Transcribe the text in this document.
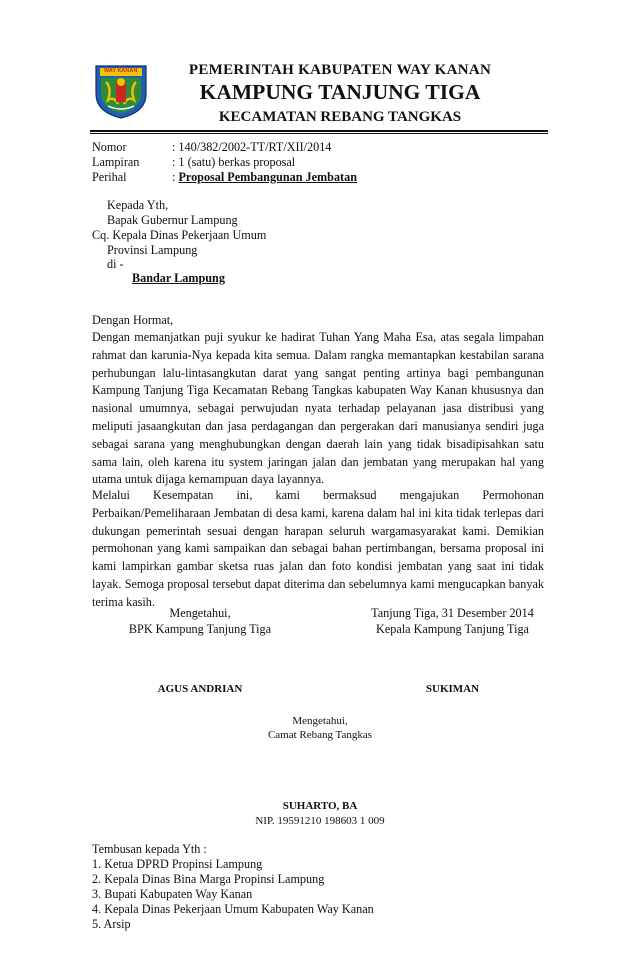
WAY KANAN	PEMERINTAH KABUPATEN WAY KANAN
KAMPUNG TANJUNG TIGA
KECAMATAN REBANG TANGKAS
Nomor	: 140/382/2002-TT/RT/XII/2014
Lampiran	: 1 (satu) berkas proposal
Perihal	: Proposal Pembangunan Jembatan
Kepada Yth,
Bapak Gubernur Lampung
Cq. Kepala Dinas Pekerjaan Umum
Provinsi Lampung
di -
Bandar Lampung
Dengan Hormat,

Dengan memanjatkan puji syukur ke hadirat Tuhan Yang Maha Esa, atas segala limpahan rahmat dan karunia-Nya kepada kita semua. Dalam rangka memantapkan kestabilan sarana perhubungan lalu-lintasangkutan darat yang sangat penting artinya bagi pembangunan Kampung Tanjung Tiga Kecamatan Rebang Tangkas kabupaten Way Kanan khususnya dan nasional umumnya, sebagai perwujudan nyata terhadap pelayanan jasa distribusi yang meliputi jasaangkutan dan jasa perdagangan dan pergerakan dari manusianya sendiri juga sebagai sarana yang menghubungkan dengan daerah lain yang tidak bisadipisahkan satu sama lain, oleh karena itu system jaringan jalan dan jembatan yang merupakan hal yang utama untuk dijaga kemampuan daya layannya.

Melalui Kesempatan ini, kami bermaksud mengajukan Permohonan Perbaikan/Pemeliharaan Jembatan di desa kami, karena dalam hal ini kita tidak terlepas dari dukungan pemerintah sesuai dengan harapan seluruh wargamasyarakat kami. Demikian permohonan yang kami sampaikan dan sebagai bahan pertimbangan, bersama proposal ini kami lampirkan gambar sketsa ruas jalan dan foto kondisi jembatan yang saat ini tidak layak. Semoga proposal tersebut dapat diterima dan sebelumnya kami mengucapkan banyak terima kasih.

Mengetahui,
BPK Kampung Tanjung Tiga
Tanjung Tiga, 31 Desember 2014
Kepala Kampung Tanjung Tiga
AGUS ANDRIAN	SUKIMAN
Mengetahui,
Camat Rebang Tangkas
SUHARTO, BA
NIP. 19591210 198603 1 009
Tembusan kepada Yth :
1. Ketua DPRD Propinsi Lampung
2. Kepala Dinas Bina Marga Propinsi Lampung
3. Bupati Kabupaten Way Kanan
4. Kepala Dinas Pekerjaan Umum Kabupaten Way Kanan
5. Arsip
